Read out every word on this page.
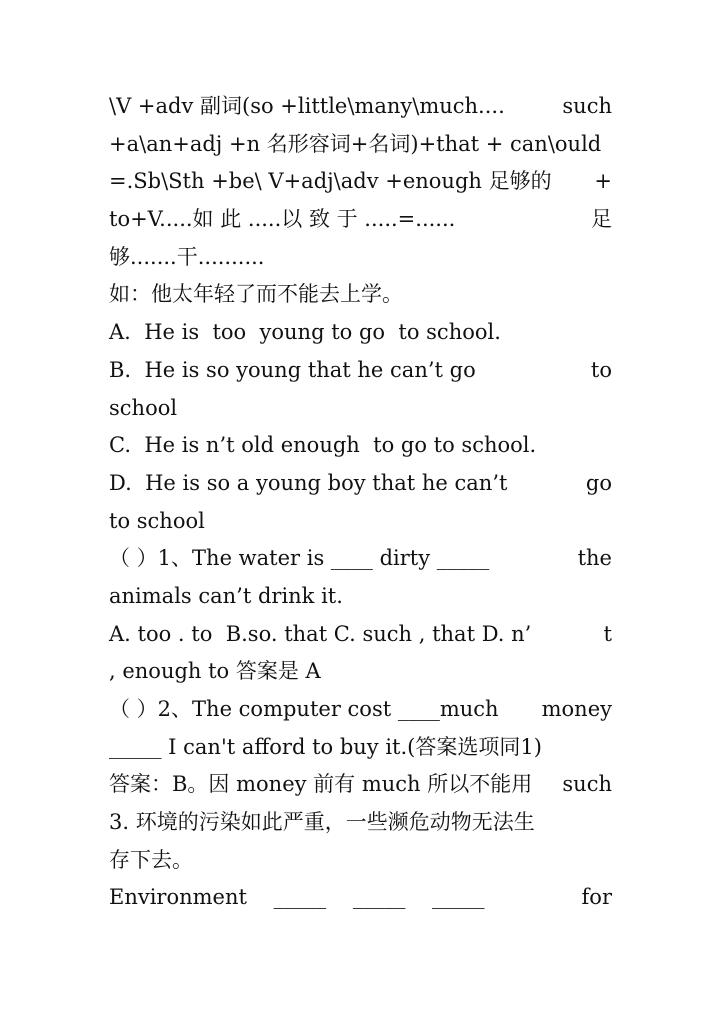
\V +adv 副词(so +little\many\much....	such
+a\an+adj +n 名形容词+名词)+that + can\ould
=.Sb\Sth +be\ V+adj\adv +enough 足够的 +
to+V.....如 此 .....以 致 于 .....=......	足
够.......干..........
如：他太年轻了而不能去上学。
A.  He is  too  young to go  to school.
B.  He is so young that he can’t go	to
school
C.  He is n’t old enough  to go to school.
D.  He is so a young boy that he can’t	go
to school
（ ）1、The water is ____ dirty _____	the
animals can’t drink it.
A. too . to  B.so. that C. such , that D. n’	t
, enough to 答案是 A
（ ）2、The computer cost ____much money
_____ I can't afford to buy it.(答案选项同1)
答案：B。因 money 前有 much 所以不能用 such
3. 环境的污染如此严重，一些濒危动物无法生
存下去。
Environment    _____    _____    _____	for
